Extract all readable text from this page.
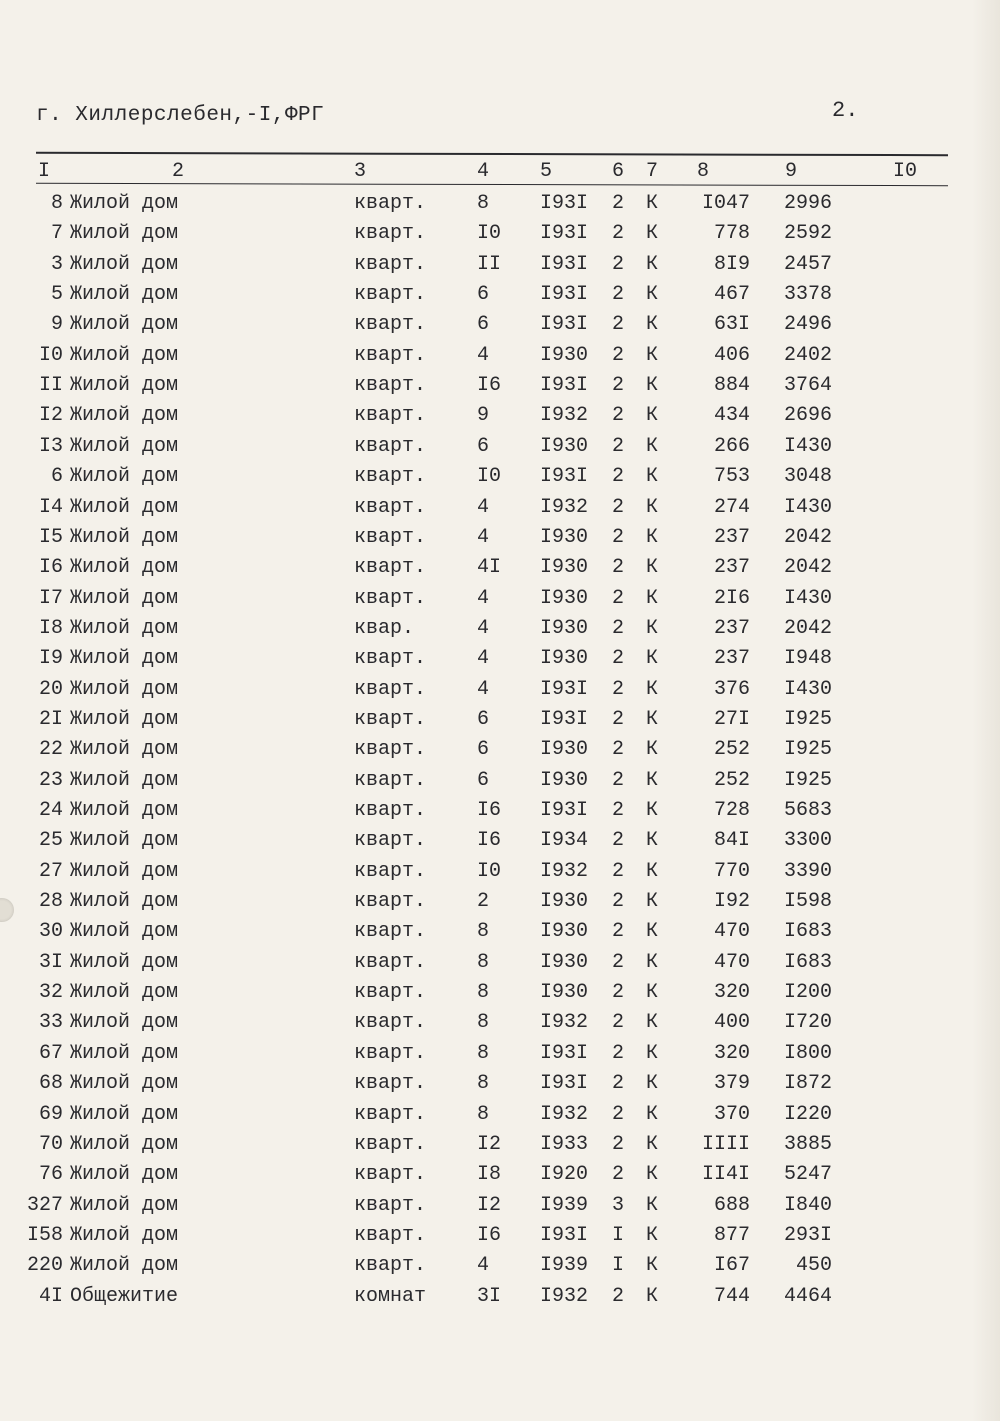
г. Хиллерслебен,-I,ФРГ	2.
I	2	3	4	5	6 7 8	9	I0
8 Жилой дом	кварт.	8	I93I 2 К I047 2996
7 Жилой дом	кварт.	I0 I93I 2 К	778 2592
3 Жилой дом	кварт.	II I93I 2 К	8I9 2457
5 Жилой дом	кварт.	6	I93I 2 К	467 3378
9 Жилой дом	кварт.	6	I93I 2 К	63I 2496
I0 Жилой дом	кварт.	4	I930 2 К	406 2402
II Жилой дом	кварт.	I6 I93I 2 К	884 3764
I2 Жилой дом	кварт.	9	I932 2 К	434 2696
I3 Жилой дом	кварт.	6	I930 2 К	266 I430
6 Жилой дом	кварт.	I0 I93I 2 К	753 3048
I4 Жилой дом	кварт.	4	I932 2 К	274 I430
I5 Жилой дом	кварт.	4	I930 2 К	237 2042
I6 Жилой дом	кварт.	4I I930 2 К	237 2042
I7 Жилой дом	кварт.	4	I930 2 К	2I6 I430
I8 Жилой дом	квар.	4	I930 2 К	237 2042
I9 Жилой дом	кварт.	4	I930 2 К	237 I948
20 Жилой дом	кварт.	4	I93I 2 К	376 I430
2I Жилой дом	кварт.	6	I93I 2 К	27I I925
22 Жилой дом	кварт.	6	I930 2 К	252 I925
23 Жилой дом	кварт.	6	I930 2 К	252 I925
24 Жилой дом	кварт.	I6 I93I 2 К	728 5683
25 Жилой дом	кварт.	I6 I934 2 К	84I 3300
27 Жилой дом	кварт.	I0 I932 2 К	770 3390
28 Жилой дом	кварт.	2	I930 2 К	I92 I598
30 Жилой дом	кварт.	8	I930 2 К	470 I683
3I Жилой дом	кварт.	8	I930 2 К	470 I683
32 Жилой дом	кварт.	8	I930 2 К	320 I200
33 Жилой дом	кварт.	8	I932 2 К	400 I720
67 Жилой дом	кварт.	8	I93I 2 К	320 I800
68 Жилой дом	кварт.	8	I93I 2 К	379 I872
69 Жилой дом	кварт.	8	I932 2 К	370 I220
70 Жилой дом	кварт.	I2 I933 2 К IIII 3885
76 Жилой дом	кварт.	I8 I920 2 К II4I 5247
327 Жилой дом	кварт.	I2 I939 3 К	688 I840
I58 Жилой дом	кварт.	I6 I93I I К	877 293I
220 Жилой дом	кварт.	4	I939 I К	I67 450
4I Общежитие	комнат	3I I932 2 К	744 4464
